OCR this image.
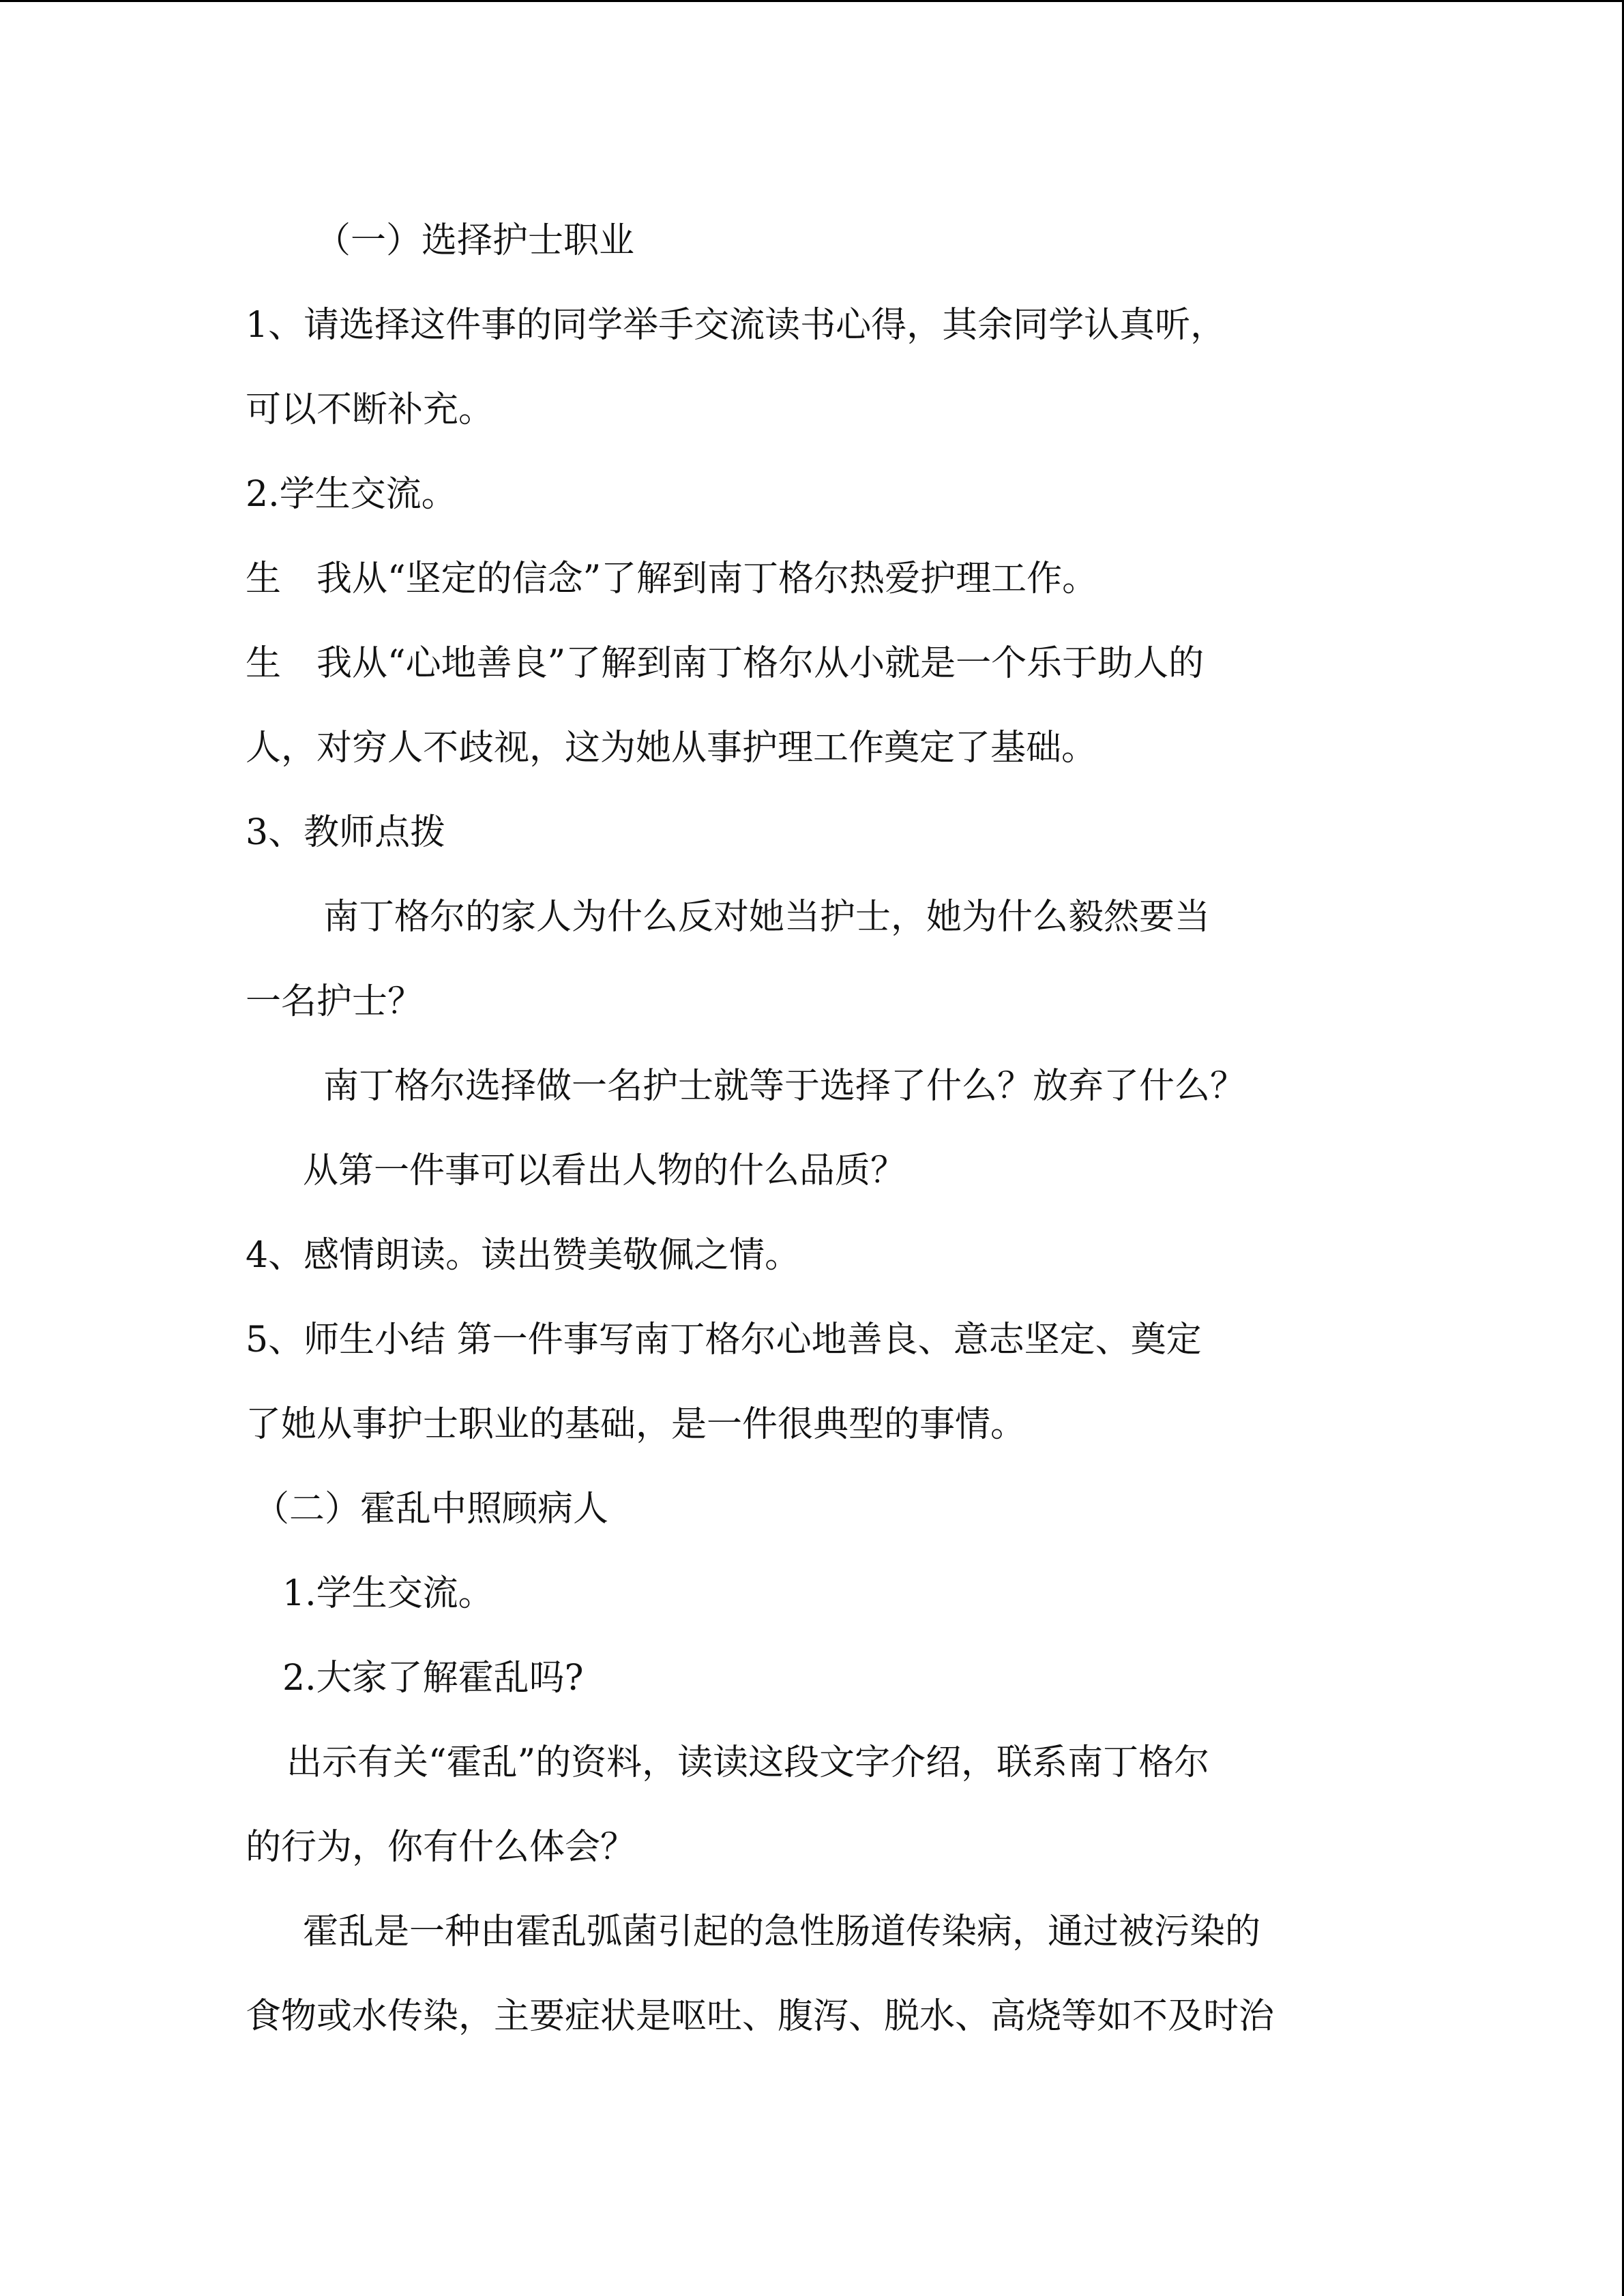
（一）选择护士职业
1、请选择这件事的同学举手交流读书心得，其余同学认真听，
可以不断补充。
2.学生交流。
生　我从“坚定的信念”了解到南丁格尔热爱护理工作。
生　我从“心地善良”了解到南丁格尔从小就是一个乐于助人的
人，对穷人不歧视，这为她从事护理工作奠定了基础。
3、教师点拨
南丁格尔的家人为什么反对她当护士，她为什么毅然要当
一名护士？
南丁格尔选择做一名护士就等于选择了什么？放弃了什么？
从第一件事可以看出人物的什么品质？
4、感情朗读。读出赞美敬佩之情。
5、师生小结 第一件事写南丁格尔心地善良、意志坚定、奠定
了她从事护士职业的基础，是一件很典型的事情。
（二）霍乱中照顾病人
1.学生交流。
2.大家了解霍乱吗?
出示有关“霍乱”的资料，读读这段文字介绍，联系南丁格尔
的行为，你有什么体会？
霍乱是一种由霍乱弧菌引起的急性肠道传染病，通过被污染的
食物或水传染，主要症状是呕吐、腹泻、脱水、高烧等如不及时治
